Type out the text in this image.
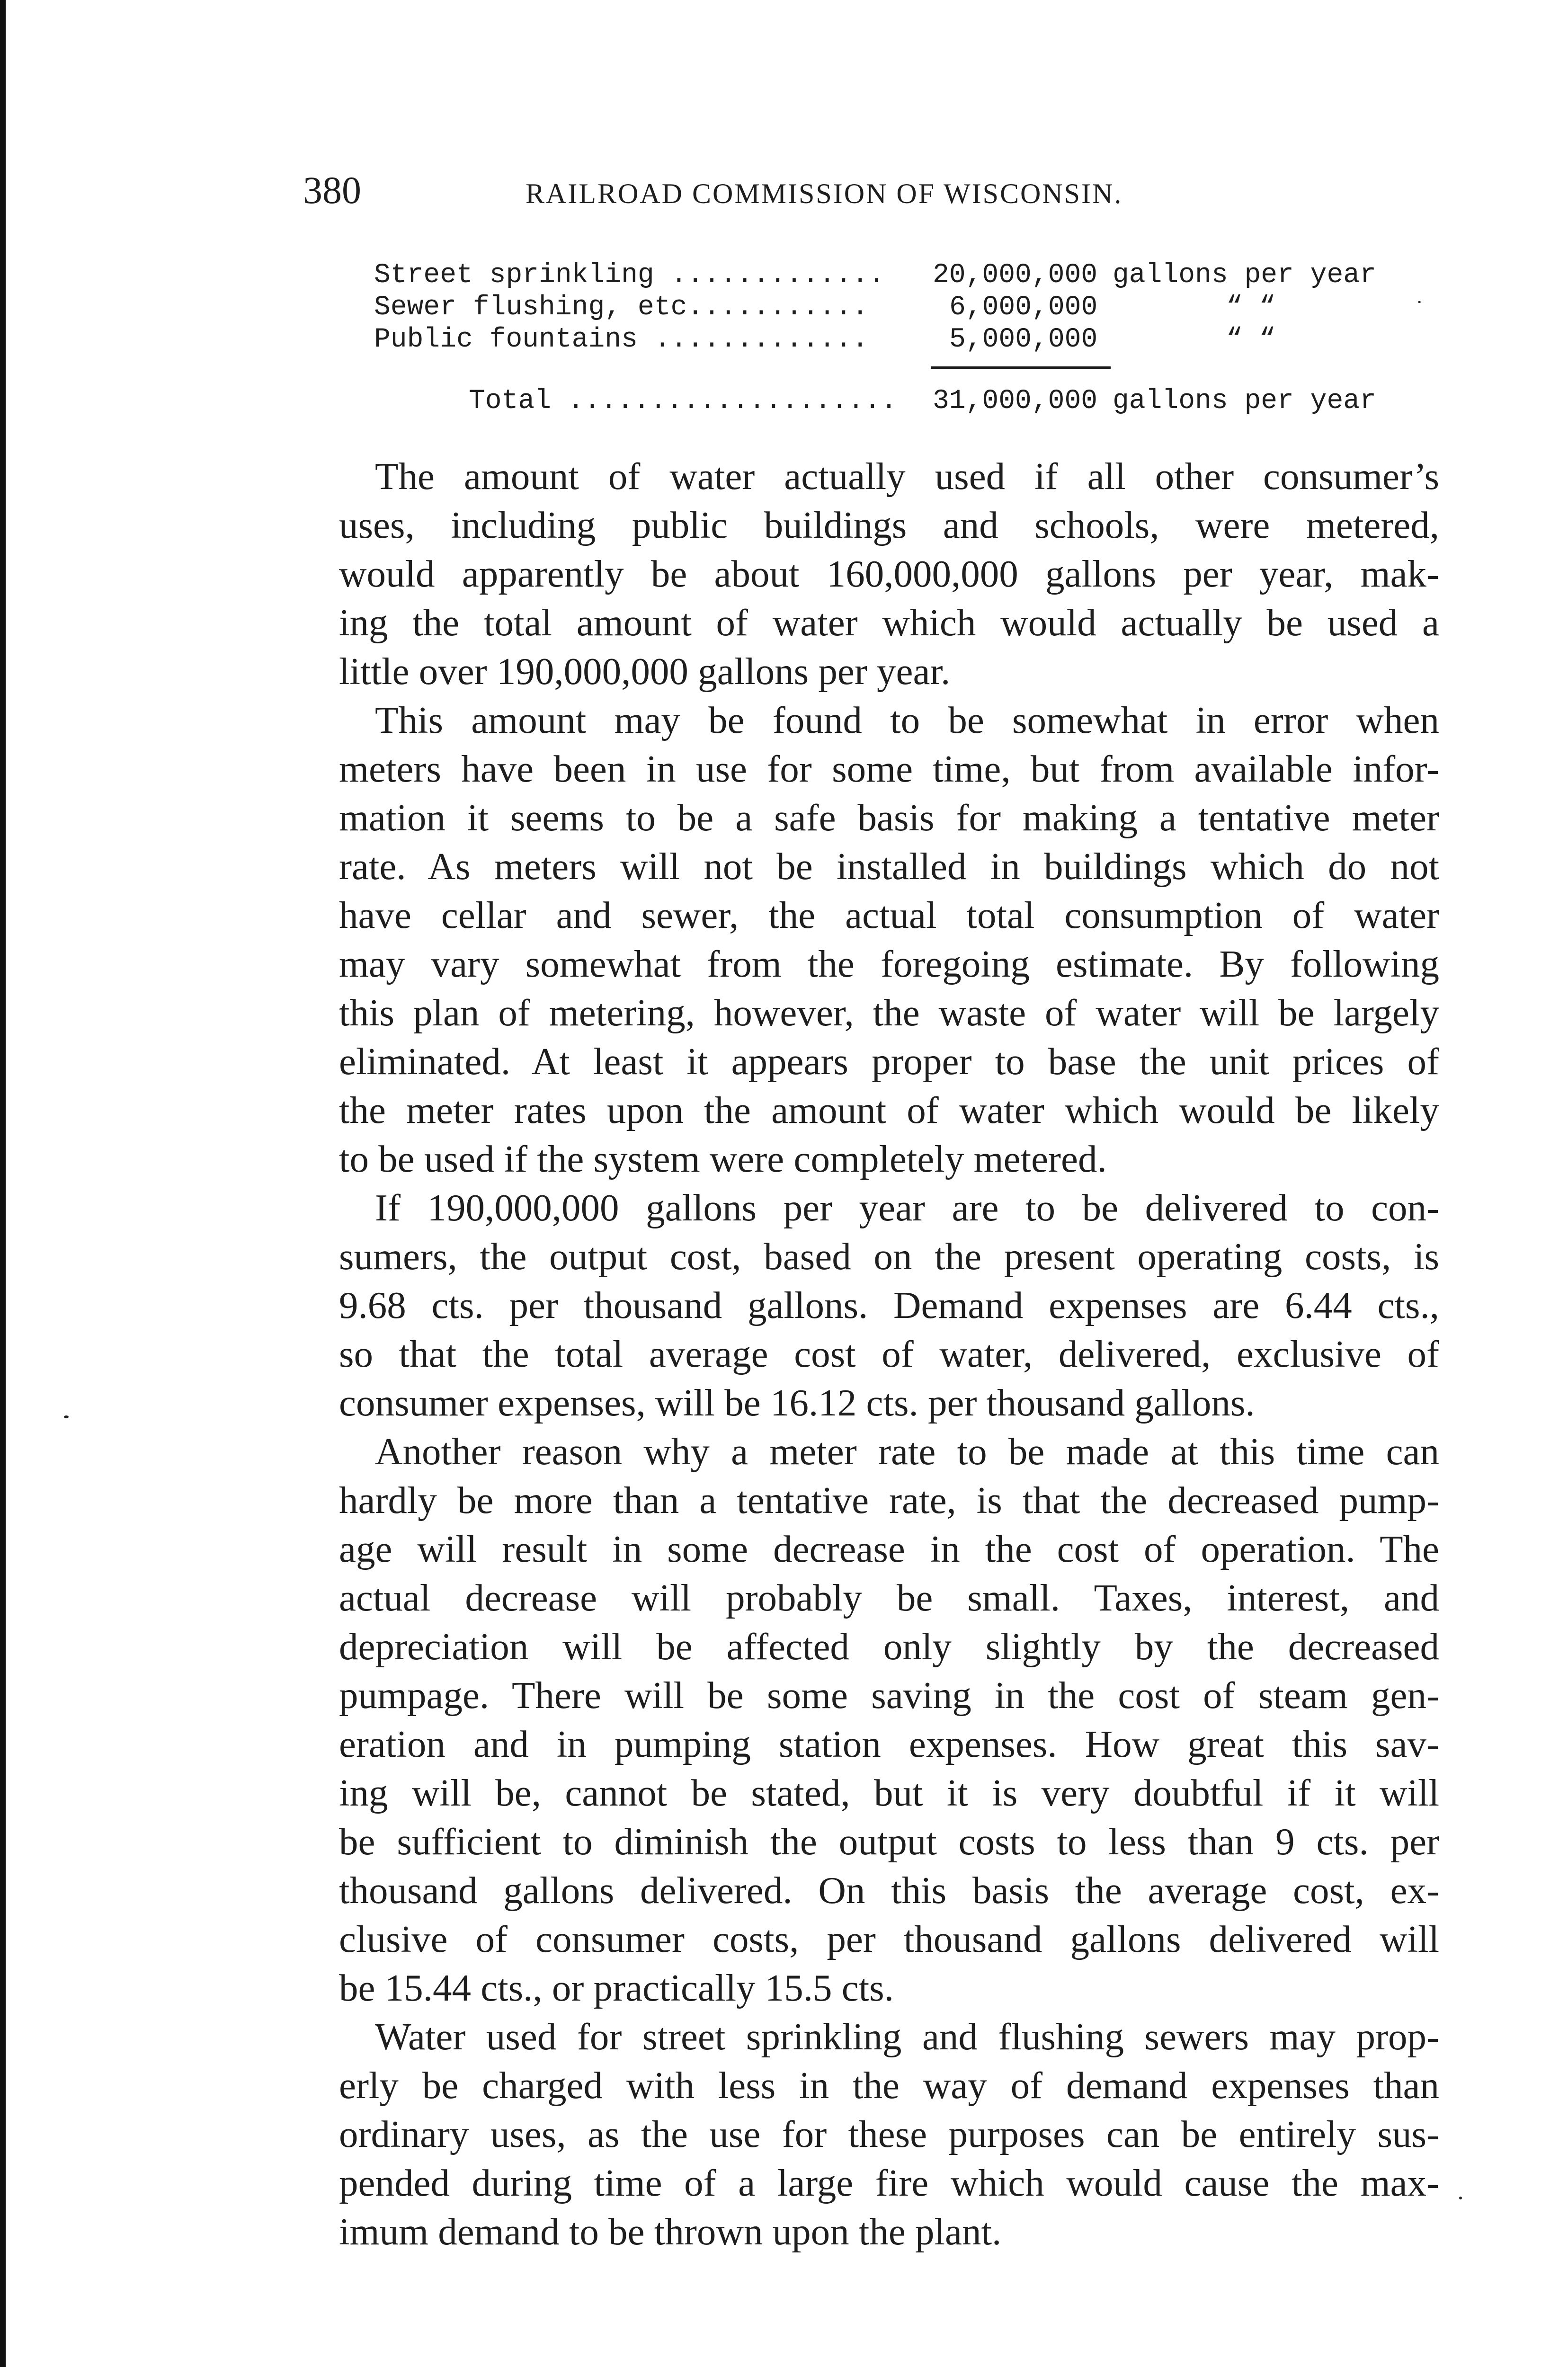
380	RAILROAD COMMISSION OF WISCONSIN.
Street sprinkling ............. 20,000,000 gallons per year
Sewer flushing, etc...........	6,000,000	“ “
Public fountains .............	5,000,000	“ “
Total .................... 31,000,000 gallons per year

The amount of water actually used if all other consumer’s
uses, including public buildings and schools, were metered,
would apparently be about 160,000,000 gallons per year, mak-
ing the total amount of water which would actually be used a
little over 190,000,000 gallons per year.

This amount may be found to be somewhat in error when
meters have been in use for some time, but from available infor-
mation it seems to be a safe basis for making a tentative meter
rate. As meters will not be installed in buildings which do not
have cellar and sewer, the actual total consumption of water
may vary somewhat from the foregoing estimate. By following
this plan of metering, however, the waste of water will be largely
eliminated. At least it appears proper to base the unit prices of
the meter rates upon the amount of water which would be likely
to be used if the system were completely metered.

If 190,000,000 gallons per year are to be delivered to con-
sumers, the output cost, based on the present operating costs, is
9.68 cts. per thousand gallons. Demand expenses are 6.44 cts.,
so that the total average cost of water, delivered, exclusive of
consumer expenses, will be 16.12 cts. per thousand gallons.

Another reason why a meter rate to be made at this time can
hardly be more than a tentative rate, is that the decreased pump-
age will result in some decrease in the cost of operation. The
actual decrease will probably be small. Taxes, interest, and
depreciation will be affected only slightly by the decreased
pumpage. There will be some saving in the cost of steam gen-
eration and in pumping station expenses. How great this sav-
ing will be, cannot be stated, but it is very doubtful if it will
be sufficient to diminish the output costs to less than 9 cts. per
thousand gallons delivered. On this basis the average cost, ex-
clusive of consumer costs, per thousand gallons delivered will
be 15.44 cts., or practically 15.5 cts.

Water used for street sprinkling and flushing sewers may prop-
erly be charged with less in the way of demand expenses than
ordinary uses, as the use for these purposes can be entirely sus-
pended during time of a large fire which would cause the max-
imum demand to be thrown upon the plant.
